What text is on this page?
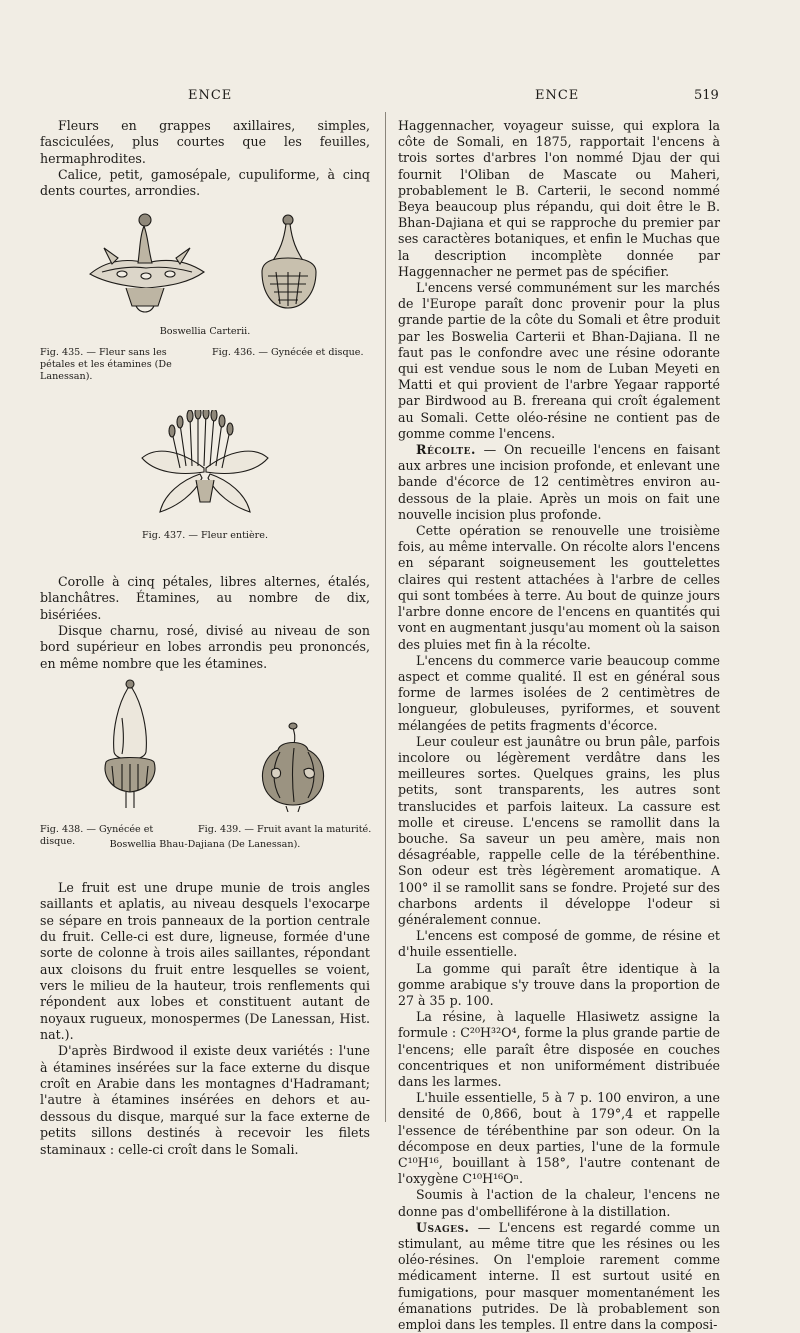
ENCE	ENCE	519

Fleurs en grappes axillaires, simples, fasciculées, plus courtes que les feuilles, hermaphrodites.

Calice, petit, gamosépale, cupuliforme, à cinq dents courtes, arrondies.

Boswellia Carterii.
Fig. 435. — Fleur sans les pétales et les étamines (De Lanessan).
Fig. 436. — Gynécée et disque.
Fig. 437. — Fleur entière.

Corolle à cinq pétales, libres alternes, étalés, blanchâtres. Étamines, au nombre de dix, bisériées.

Disque charnu, rosé, divisé au niveau de son bord supérieur en lobes arrondis peu prononcés, en même nombre que les étamines.

Fig. 438. — Gynécée et disque.
Fig. 439. — Fruit avant la maturité.
Boswellia Bhau-Dajiana (De Lanessan).

Le fruit est une drupe munie de trois angles saillants et aplatis, au niveau desquels l'exocarpe se sépare en trois panneaux de la portion centrale du fruit. Celle-ci est dure, ligneuse, formée d'une sorte de colonne à trois ailes saillantes, répondant aux cloisons du fruit entre lesquelles se voient, vers le milieu de la hauteur, trois renflements qui répondent aux lobes et constituent autant de noyaux rugueux, monospermes (De Lanessan, Hist. nat.).

D'après Birdwood il existe deux variétés : l'une à étamines insérées sur la face externe du disque croît en Arabie dans les montagnes d'Hadramant; l'autre à étamines insérées en dehors et au-dessous du disque, marqué sur la face externe de petits sillons destinés à recevoir les filets staminaux : celle-ci croît dans le Somali.

Haggennacher, voyageur suisse, qui explora la côte de Somali, en 1875, rapportait l'encens à trois sortes d'arbres l'on nommé Djau der qui fournit l'Oliban de Mascate ou Maheri, probablement le B. Carterii, le second nommé Beya beaucoup plus répandu, qui doit être le B. Bhan-Dajiana et qui se rapproche du premier par ses caractères botaniques, et enfin le Muchas que la description incomplète donnée par Haggennacher ne permet pas de spécifier.

L'encens versé communément sur les marchés de l'Europe paraît donc provenir pour la plus grande partie de la côte du Somali et être produit par les Boswelia Carterii et Bhan-Dajiana. Il ne faut pas le confondre avec une résine odorante qui est vendue sous le nom de Luban Meyeti en Matti et qui provient de l'arbre Yegaar rapporté par Birdwood au B. frereana qui croît également au Somali. Cette oléo-résine ne contient pas de gomme comme l'encens.

Récolte. — On recueille l'encens en faisant aux arbres une incision profonde, et enlevant une bande d'écorce de 12 centimètres environ au-dessous de la plaie. Après un mois on fait une nouvelle incision plus profonde.

Cette opération se renouvelle une troisième fois, au même intervalle. On récolte alors l'encens en séparant soigneusement les gouttelettes claires qui restent attachées à l'arbre de celles qui sont tombées à terre. Au bout de quinze jours l'arbre donne encore de l'encens en quantités qui vont en augmentant jusqu'au moment où la saison des pluies met fin à la récolte.

L'encens du commerce varie beaucoup comme aspect et comme qualité. Il est en général sous forme de larmes isolées de 2 centimètres de longueur, globuleuses, pyriformes, et souvent mélangées de petits fragments d'écorce.

Leur couleur est jaunâtre ou brun pâle, parfois incolore ou légèrement verdâtre dans les meilleures sortes. Quelques grains, les plus petits, sont transparents, les autres sont translucides et parfois laiteux. La cassure est molle et cireuse. L'encens se ramollit dans la bouche. Sa saveur un peu amère, mais non désagréable, rappelle celle de la térébenthine. Son odeur est très légèrement aromatique. A 100° il se ramollit sans se fondre. Projeté sur des charbons ardents il développe l'odeur si généralement connue.

L'encens est composé de gomme, de résine et d'huile essentielle.

La gomme qui paraît être identique à la gomme arabique s'y trouve dans la proportion de 27 à 35 p. 100.

La résine, à laquelle Hlasiwetz assigne la formule : C²⁰H³²O⁴, forme la plus grande partie de l'encens; elle paraît être disposée en couches concentriques et non uniformément distribuée dans les larmes.

L'huile essentielle, 5 à 7 p. 100 environ, a une densité de 0,866, bout à 179°,4 et rappelle l'essence de térébenthine par son odeur. On la décompose en deux parties, l'une de la formule C¹⁰H¹⁶, bouillant à 158°, l'autre contenant de l'oxygène C¹⁰H¹⁶Oⁿ.

Soumis à l'action de la chaleur, l'encens ne donne pas d'ombelliférone à la distillation.

Usages. — L'encens est regardé comme un stimulant, au même titre que les résines ou les oléo-résines. On l'emploie rarement comme médicament interne. Il est surtout usité en fumigations, pour masquer momentanément les émanations putrides. De là probablement son emploi dans les temples. Il entre dans la composi-
